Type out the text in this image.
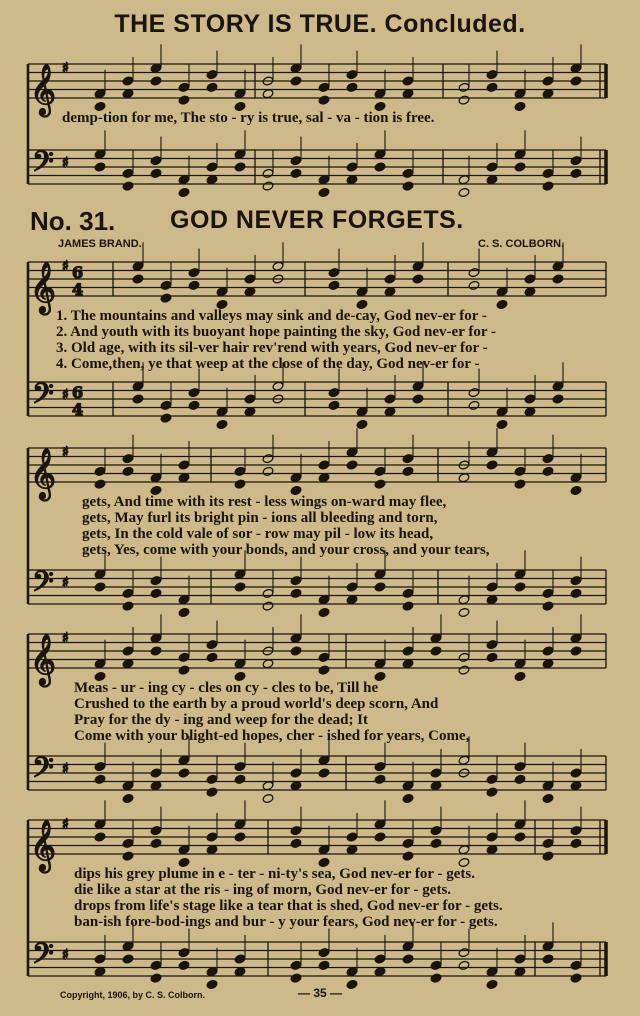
𝄞 ♯
𝄢 ♯
𝄞 ♯ 6
4
𝄢 ♯ 6
4
𝄞 ♯
𝄢 ♯
𝄞 ♯
𝄢 ♯
𝄞 ♯
𝄢 ♯
THE STORY IS TRUE. Concluded.
demp-tion for me, The sto - ry is true, sal - va - tion is free.
No. 31. GOD NEVER FORGETS.
JAMES BRAND.	C. S. COLBORN.
1. The mountains and valleys may sink and de-cay, God nev-er for -
2. And youth with its buoyant hope painting the sky, God nev-er for -
3. Old age, with its sil-ver hair rev'rend with years, God nev-er for -
4. Come,then, ye that weep at the close of the day, God nev-er for -
gets, And time with its rest - less wings on-ward may flee,
gets, May furl its bright pin - ions all bleeding and torn,
gets, In the cold vale of sor - row may pil - low its head,
gets, Yes, come with your bonds, and your cross, and your tears,
Meas - ur - ing cy - cles on cy - cles to be, Till he
Crushed to the earth by a proud world's deep scorn, And
Pray for the dy - ing and weep for the dead; It
Come with your blight-ed hopes, cher - ished for years, Come,
dips his grey plume in e - ter - ni-ty's sea, God nev-er for - gets.
die like a star at the ris - ing of morn, God nev-er for - gets.
drops from life's stage like a tear that is shed, God nev-er for - gets.
ban-ish fore-bod-ings and bur - y your fears, God nev-er for - gets.
Copyright, 1906, by C. S. Colborn.	— 35 —
